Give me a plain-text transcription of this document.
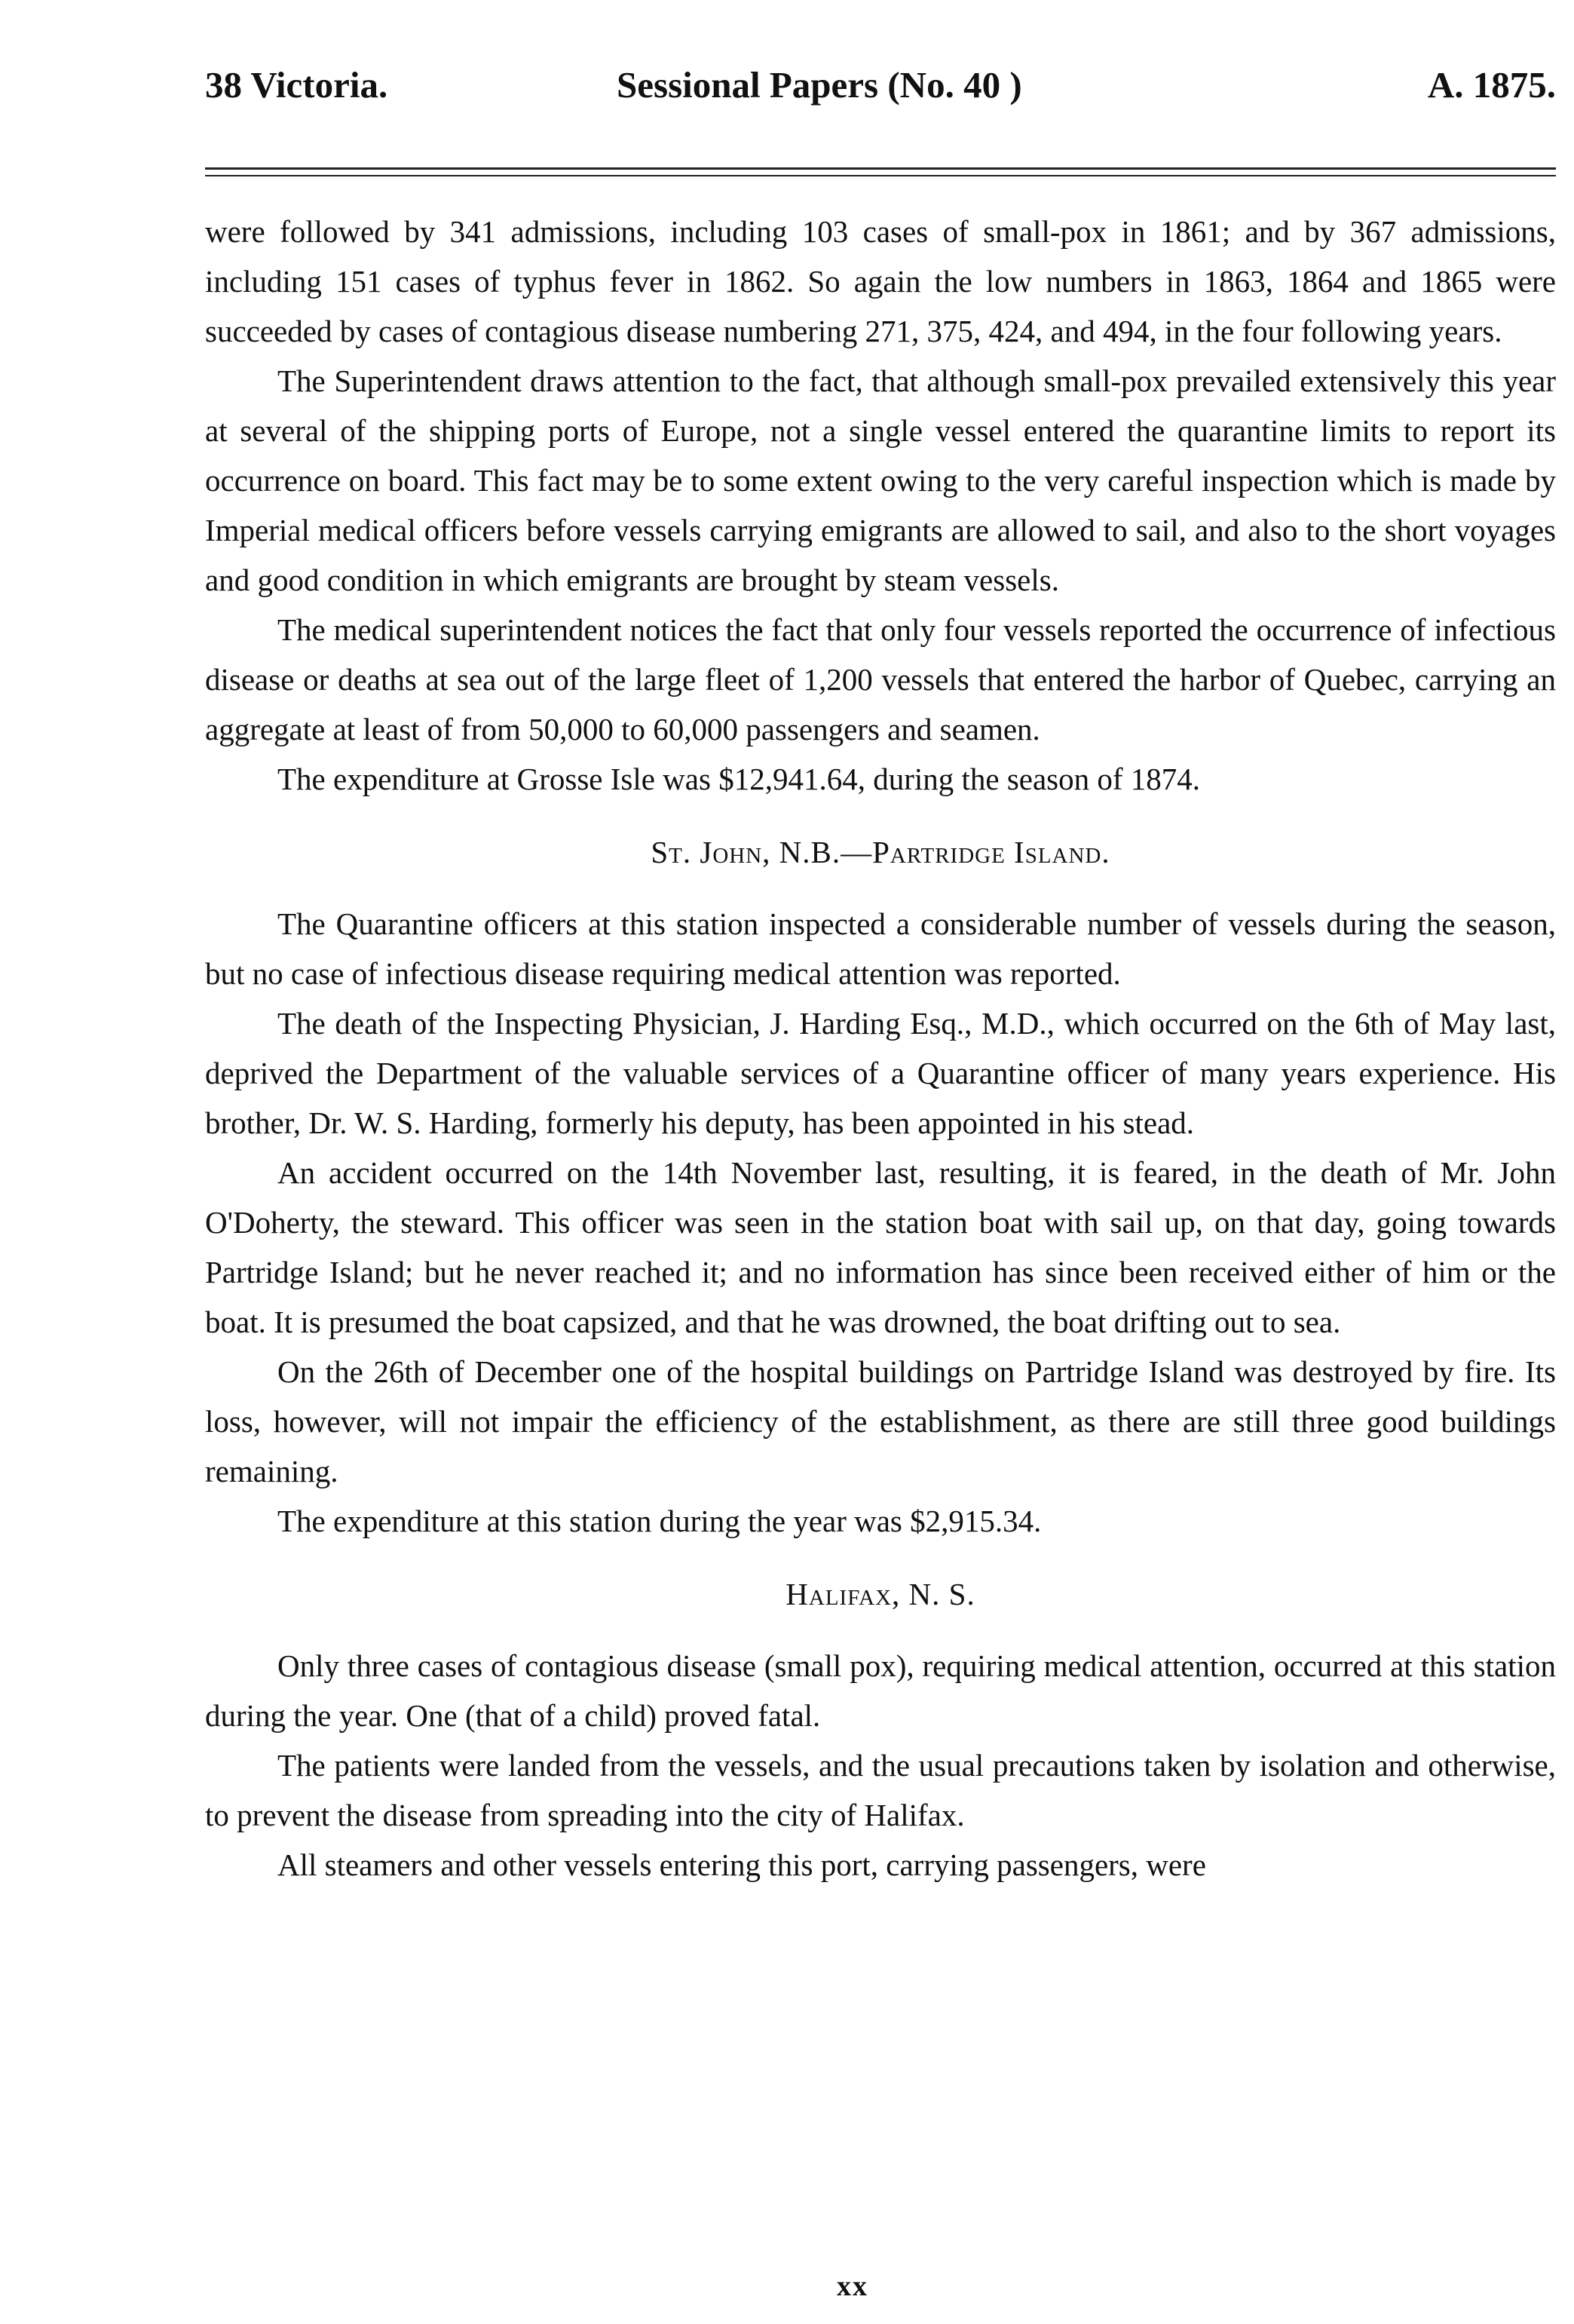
38 Victoria.	Sessional Papers (No. 40 )	A. 1875.

were followed by 341 admissions, including 103 cases of small-pox in 1861; and by 367 admissions, including 151 cases of typhus fever in 1862. So again the low numbers in 1863, 1864 and 1865 were succeeded by cases of contagious disease numbering 271, 375, 424, and 494, in the four following years.

The Superintendent draws attention to the fact, that although small-pox prevailed extensively this year at several of the shipping ports of Europe, not a single vessel entered the quarantine limits to report its occurrence on board. This fact may be to some extent owing to the very careful inspection which is made by Imperial medical officers before vessels carrying emigrants are allowed to sail, and also to the short voyages and good condition in which emigrants are brought by steam vessels.

The medical superintendent notices the fact that only four vessels reported the occurrence of infectious disease or deaths at sea out of the large fleet of 1,200 vessels that entered the harbor of Quebec, carrying an aggregate at least of from 50,000 to 60,000 passengers and seamen.

The expenditure at Grosse Isle was $12,941.64, during the season of 1874.

St. John, N.B.—Partridge Island.

The Quarantine officers at this station inspected a considerable number of vessels during the season, but no case of infectious disease requiring medical attention was reported.

The death of the Inspecting Physician, J. Harding Esq., M.D., which occurred on the 6th of May last, deprived the Department of the valuable services of a Quarantine officer of many years experience. His brother, Dr. W. S. Harding, formerly his deputy, has been appointed in his stead.

An accident occurred on the 14th November last, resulting, it is feared, in the death of Mr. John O'Doherty, the steward. This officer was seen in the station boat with sail up, on that day, going towards Partridge Island; but he never reached it; and no information has since been received either of him or the boat. It is presumed the boat capsized, and that he was drowned, the boat drifting out to sea.

On the 26th of December one of the hospital buildings on Partridge Island was destroyed by fire. Its loss, however, will not impair the efficiency of the establishment, as there are still three good buildings remaining.

The expenditure at this station during the year was $2,915.34.

Halifax, N. S.

Only three cases of contagious disease (small pox), requiring medical attention, occurred at this station during the year. One (that of a child) proved fatal.

The patients were landed from the vessels, and the usual precautions taken by isolation and otherwise, to prevent the disease from spreading into the city of Halifax.

All steamers and other vessels entering this port, carrying passengers, were

xx
